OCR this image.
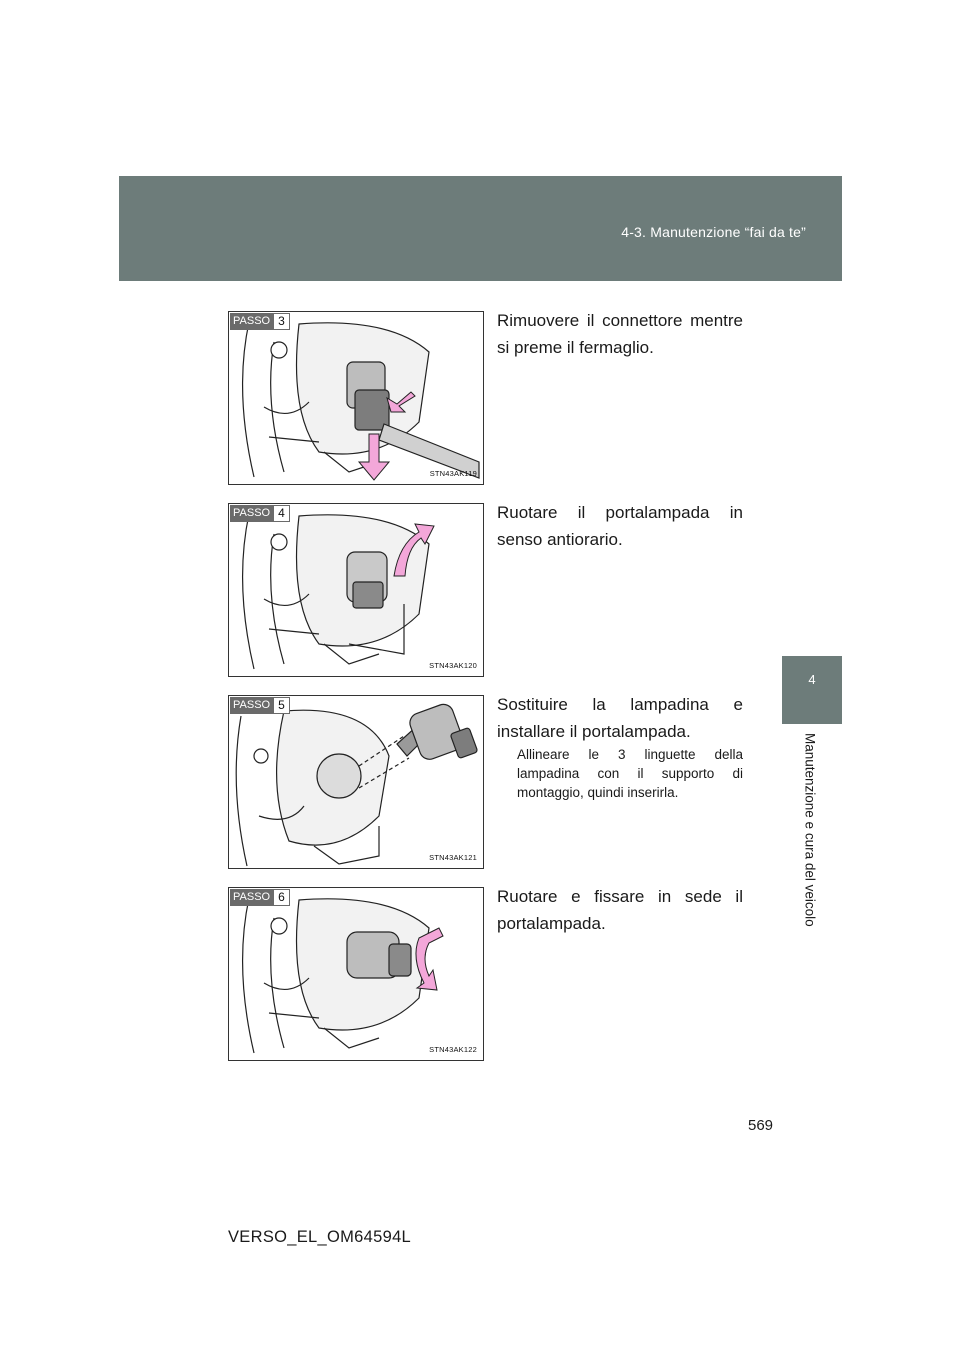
4-3. Manutenzione “fai da te”
4
Manutenzione e cura del veicolo
PASSO 3
STN43AK119
Rimuovere il connettore mentre si preme il fermaglio.
PASSO 4
STN43AK120
Ruotare il portalampada in senso antiorario.
PASSO 5
STN43AK121
Sostituire la lampadina e installare il portalampada.
Allineare le 3 linguette della lampadina con il supporto di montaggio, quindi inserirla.
PASSO 6
STN43AK122
Ruotare e fissare in sede il portalampada.
569
VERSO_EL_OM64594L
